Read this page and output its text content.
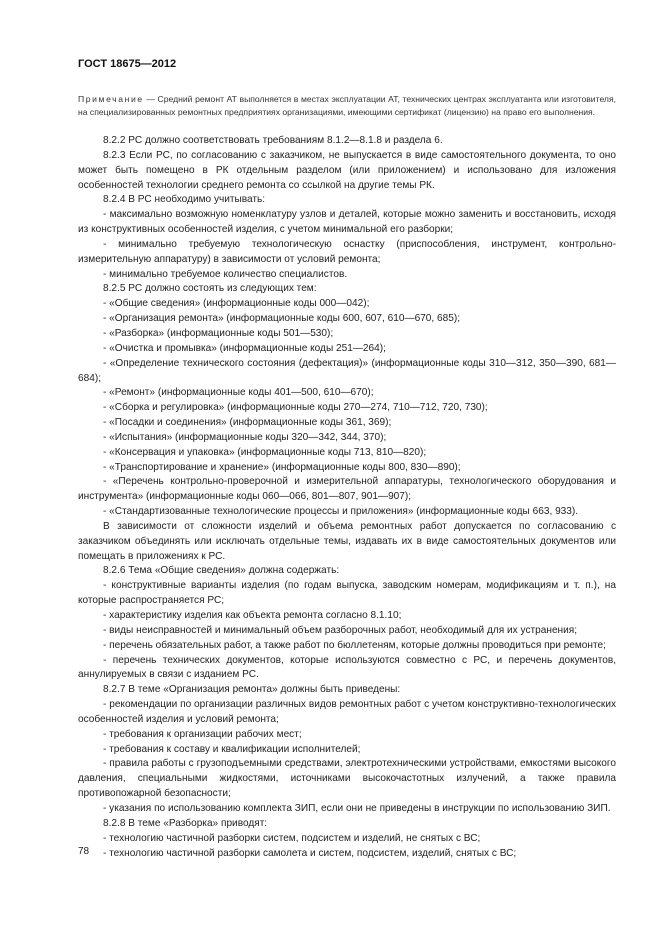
ГОСТ 18675—2012
Примечание — Средний ремонт АТ выполняется в местах эксплуатации АТ, технических центрах эксплуатанта или изготовителя, на специализированных ремонтных предприятиях организациями, имеющими сертификат (лицензию) на право его выполнения.

8.2.2 РС должно соответствовать требованиям 8.1.2—8.1.8 и раздела 6.

8.2.3 Если РС, по согласованию с заказчиком, не выпускается в виде самостоятельного документа, то оно может быть помещено в РК отдельным разделом (или приложением) и использовано для изложения особенностей технологии среднего ремонта со ссылкой на другие темы РК.

8.2.4 В РС необходимо учитывать:

- максимально возможную номенклатуру узлов и деталей, которые можно заменить и восстановить, исходя из конструктивных особенностей изделия, с учетом минимальной его разборки;

- минимально требуемую технологическую оснастку (приспособления, инструмент, контрольно-измерительную аппаратуру) в зависимости от условий ремонта;

- минимально требуемое количество специалистов.

8.2.5 РС должно состоять из следующих тем:

- «Общие сведения» (информационные коды 000—042);

- «Организация ремонта» (информационные коды 600, 607, 610—670, 685);

- «Разборка» (информационные коды 501—530);

- «Очистка и промывка» (информационные коды 251—264);

- «Определение технического состояния (дефектация)» (информационные коды 310—312, 350—390, 681—684);

- «Ремонт» (информационные коды 401—500, 610—670);

- «Сборка и регулировка» (информационные коды 270—274, 710—712, 720, 730);

- «Посадки и соединения» (информационные коды 361, 369);

- «Испытания» (информационные коды 320—342, 344, 370);

- «Консервация и упаковка» (информационные коды 713, 810—820);

- «Транспортирование и хранение» (информационные коды 800, 830—890);

- «Перечень контрольно-проверочной и измерительной аппаратуры, технологического оборудования и инструмента» (информационные коды 060—066, 801—807, 901—907);

- «Стандартизованные технологические процессы и приложения» (информационные коды 663, 933).

В зависимости от сложности изделий и объема ремонтных работ допускается по согласованию с заказчиком объединять или исключать отдельные темы, издавать их в виде самостоятельных документов или помещать в приложениях к РС.

8.2.6 Тема «Общие сведения» должна содержать:

- конструктивные варианты изделия (по годам выпуска, заводским номерам, модификациям и т. п.), на которые распространяется РС;

- характеристику изделия как объекта ремонта согласно 8.1.10;

- виды неисправностей и минимальный объем разборочных работ, необходимый для их устранения;

- перечень обязательных работ, а также работ по бюллетеням, которые должны проводиться при ремонте;

- перечень технических документов, которые используются совместно с РС, и перечень документов, аннулируемых в связи с изданием РС.

8.2.7 В теме «Организация ремонта» должны быть приведены:

- рекомендации по организации различных видов ремонтных работ с учетом конструктивно-технологических особенностей изделия и условий ремонта;

- требования к организации рабочих мест;

- требования к составу и квалификации исполнителей;

- правила работы с грузоподъемными средствами, электротехническими устройствами, емкостями высокого давления, специальными жидкостями, источниками высокочастотных излучений, а также правила противопожарной безопасности;

- указания по использованию комплекта ЗИП, если они не приведены в инструкции по использованию ЗИП.

8.2.8 В теме «Разборка» приводят:

- технологию частичной разборки систем, подсистем и изделий, не снятых с ВС;

- технологию частичной разборки самолета и систем, подсистем, изделий, снятых с ВС;

78
